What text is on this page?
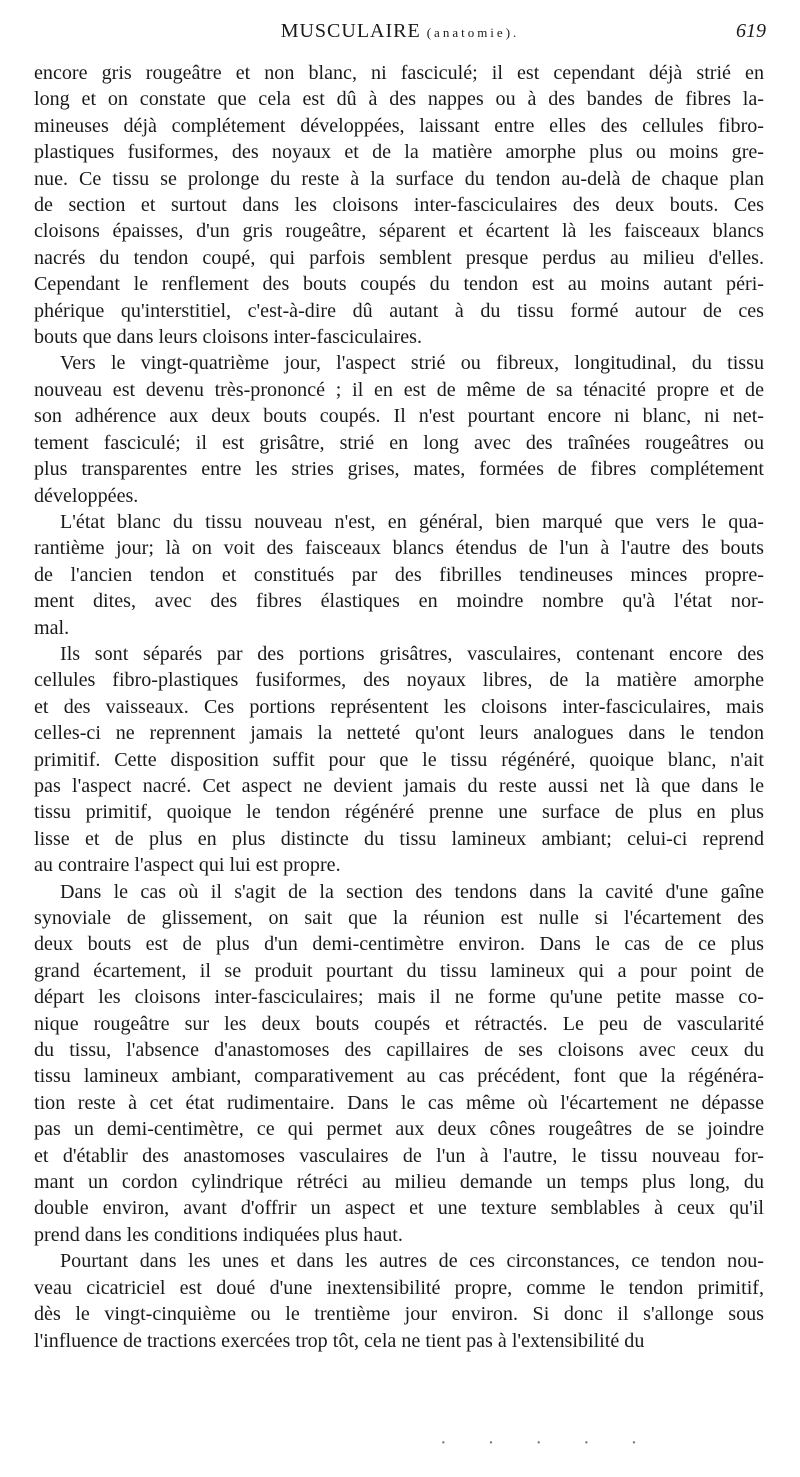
MUSCULAIRE (anatomie).	619

encore gris rougeâtre et non blanc, ni fasciculé; il est cependant déjà strié en
long et on constate que cela est dû à des nappes ou à des bandes de fibres la-
mineuses déjà complétement développées, laissant entre elles des cellules fibro-
plastiques fusiformes, des noyaux et de la matière amorphe plus ou moins gre-
nue. Ce tissu se prolonge du reste à la surface du tendon au-delà de chaque plan
de section et surtout dans les cloisons inter-fasciculaires des deux bouts. Ces
cloisons épaisses, d'un gris rougeâtre, séparent et écartent là les faisceaux blancs
nacrés du tendon coupé, qui parfois semblent presque perdus au milieu d'elles.
Cependant le renflement des bouts coupés du tendon est au moins autant péri-
phérique qu'interstitiel, c'est-à-dire dû autant à du tissu formé autour de ces
bouts que dans leurs cloisons inter-fasciculaires.

Vers le vingt-quatrième jour, l'aspect strié ou fibreux, longitudinal, du tissu
nouveau est devenu très-prononcé ; il en est de même de sa ténacité propre et de
son adhérence aux deux bouts coupés. Il n'est pourtant encore ni blanc, ni net-
tement fasciculé; il est grisâtre, strié en long avec des traînées rougeâtres ou
plus transparentes entre les stries grises, mates, formées de fibres complétement
développées.

L'état blanc du tissu nouveau n'est, en général, bien marqué que vers le qua-
rantième jour; là on voit des faisceaux blancs étendus de l'un à l'autre des bouts
de l'ancien tendon et constitués par des fibrilles tendineuses minces propre-
ment dites, avec des fibres élastiques en moindre nombre qu'à l'état nor-
mal.

Ils sont séparés par des portions grisâtres, vasculaires, contenant encore des
cellules fibro-plastiques fusiformes, des noyaux libres, de la matière amorphe
et des vaisseaux. Ces portions représentent les cloisons inter-fasciculaires, mais
celles-ci ne reprennent jamais la netteté qu'ont leurs analogues dans le tendon
primitif. Cette disposition suffit pour que le tissu régénéré, quoique blanc, n'ait
pas l'aspect nacré. Cet aspect ne devient jamais du reste aussi net là que dans le
tissu primitif, quoique le tendon régénéré prenne une surface de plus en plus
lisse et de plus en plus distincte du tissu lamineux ambiant; celui-ci reprend
au contraire l'aspect qui lui est propre.

Dans le cas où il s'agit de la section des tendons dans la cavité d'une gaîne
synoviale de glissement, on sait que la réunion est nulle si l'écartement des
deux bouts est de plus d'un demi-centimètre environ. Dans le cas de ce plus
grand écartement, il se produit pourtant du tissu lamineux qui a pour point de
départ les cloisons inter-fasciculaires; mais il ne forme qu'une petite masse co-
nique rougeâtre sur les deux bouts coupés et rétractés. Le peu de vascularité
du tissu, l'absence d'anastomoses des capillaires de ses cloisons avec ceux du
tissu lamineux ambiant, comparativement au cas précédent, font que la régénéra-
tion reste à cet état rudimentaire. Dans le cas même où l'écartement ne dépasse
pas un demi-centimètre, ce qui permet aux deux cônes rougeâtres de se joindre
et d'établir des anastomoses vasculaires de l'un à l'autre, le tissu nouveau for-
mant un cordon cylindrique rétréci au milieu demande un temps plus long, du
double environ, avant d'offrir un aspect et une texture semblables à ceux qu'il
prend dans les conditions indiquées plus haut.

Pourtant dans les unes et dans les autres de ces circonstances, ce tendon nou-
veau cicatriciel est doué d'une inextensibilité propre, comme le tendon primitif,
dès le vingt-cinquième ou le trentième jour environ. Si donc il s'allonge sous
l'influence de tractions exercées trop tôt, cela ne tient pas à l'extensibilité du

· · · · ·
